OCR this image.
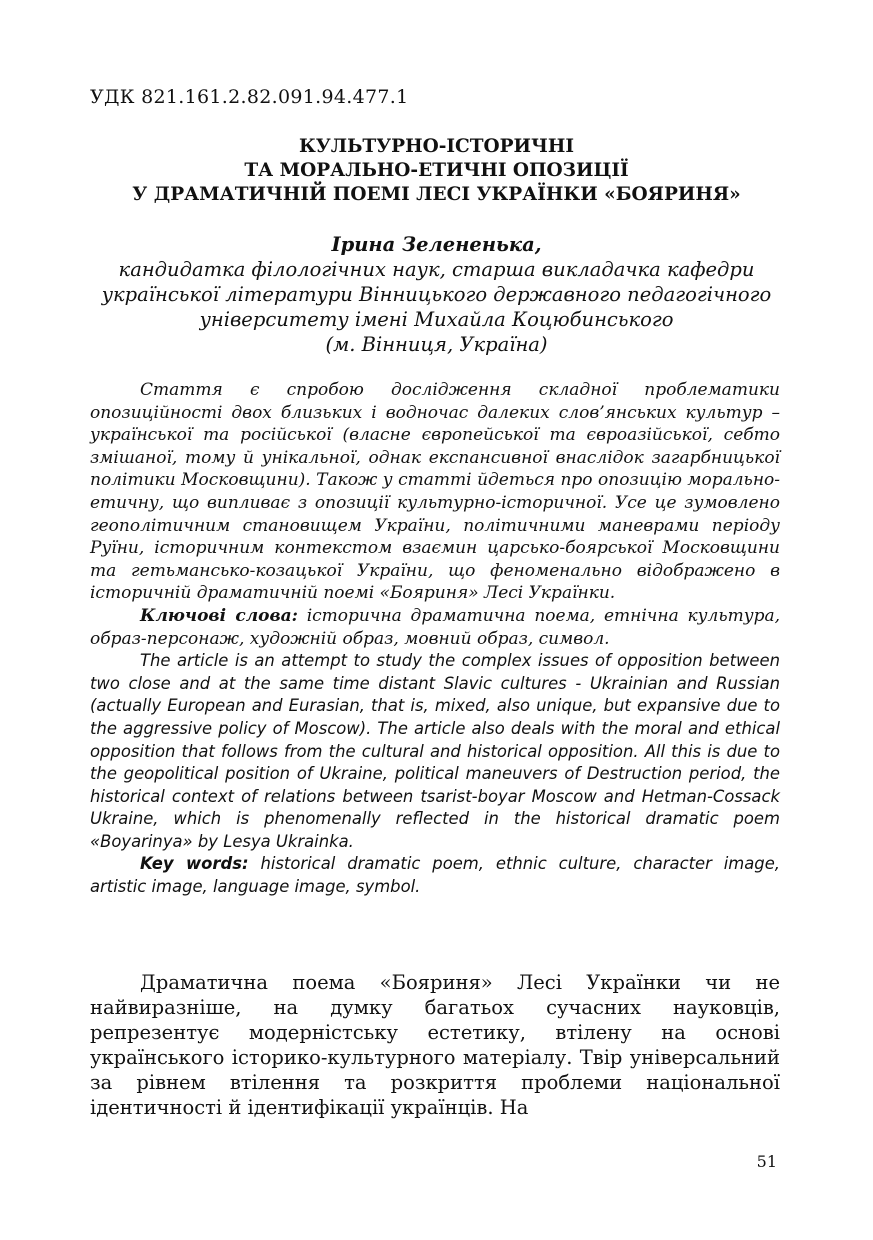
УДК 821.161.2.82.091.94.477.1
КУЛЬТУРНО-ІСТОРИЧНІ
ТА МОРАЛЬНО-ЕТИЧНІ ОПОЗИЦІЇ
У ДРАМАТИЧНІЙ ПОЕМІ ЛЕСІ УКРАЇНКИ «БОЯРИНЯ»
Ірина Зелененька,
кандидатка філологічних наук, старша викладачка кафедри
української літератури Вінницького державного педагогічного
університету імені Михайла Коцюбинського
(м. Вінниця, Україна)

Стаття є спробою дослідження складної проблематики опозиційності двох близьких і водночас далеких слов’янських культур – української та російської (власне європейської та євроазійської, себто змішаної, тому й унікальної, однак експансивної внаслідок загарбницької політики Московщини). Також у статті йдеться про опозицію морально-етичну, що випливає з опозиції культурно-історичної. Усе це зумовлено геополітичним становищем України, політичними маневрами періоду Руїни, історичним контекстом взаємин царсько-боярської Московщини та гетьмансько-козацької України, що феноменально відображено в історичній драматичній поемі «Бояриня» Лесі Українки.

Ключові слова: історична драматична поема, етнічна культура, образ-персонаж, художній образ, мовний образ, символ.

The article is an attempt to study the complex issues of opposition between two close and at the same time distant Slavic cultures - Ukrainian and Russian (actually European and Eurasian, that is, mixed, also unique, but expansive due to the aggressive policy of Moscow). The article also deals with the moral and ethical opposition that follows from the cultural and historical opposition. All this is due to the geopolitical position of Ukraine, political maneuvers of Destruction period, the historical context of relations between tsarist-boyar Moscow and Hetman-Cossack Ukraine, which is phenomenally reflected in the historical dramatic poem «Boyarinya» by Lesya Ukrainka.

Key words: historical dramatic poem, ethnic culture, character image, artistic image, language image, symbol.

Драматична поема «Бояриня» Лесі Українки чи не найвиразніше, на думку багатьох сучасних науковців, репрезентує модерністську естетику, втілену на основі українського історико-культурного матеріалу. Твір універсальний за рівнем втілення та розкриття проблеми національної ідентичності й ідентифікації українців. На

51
